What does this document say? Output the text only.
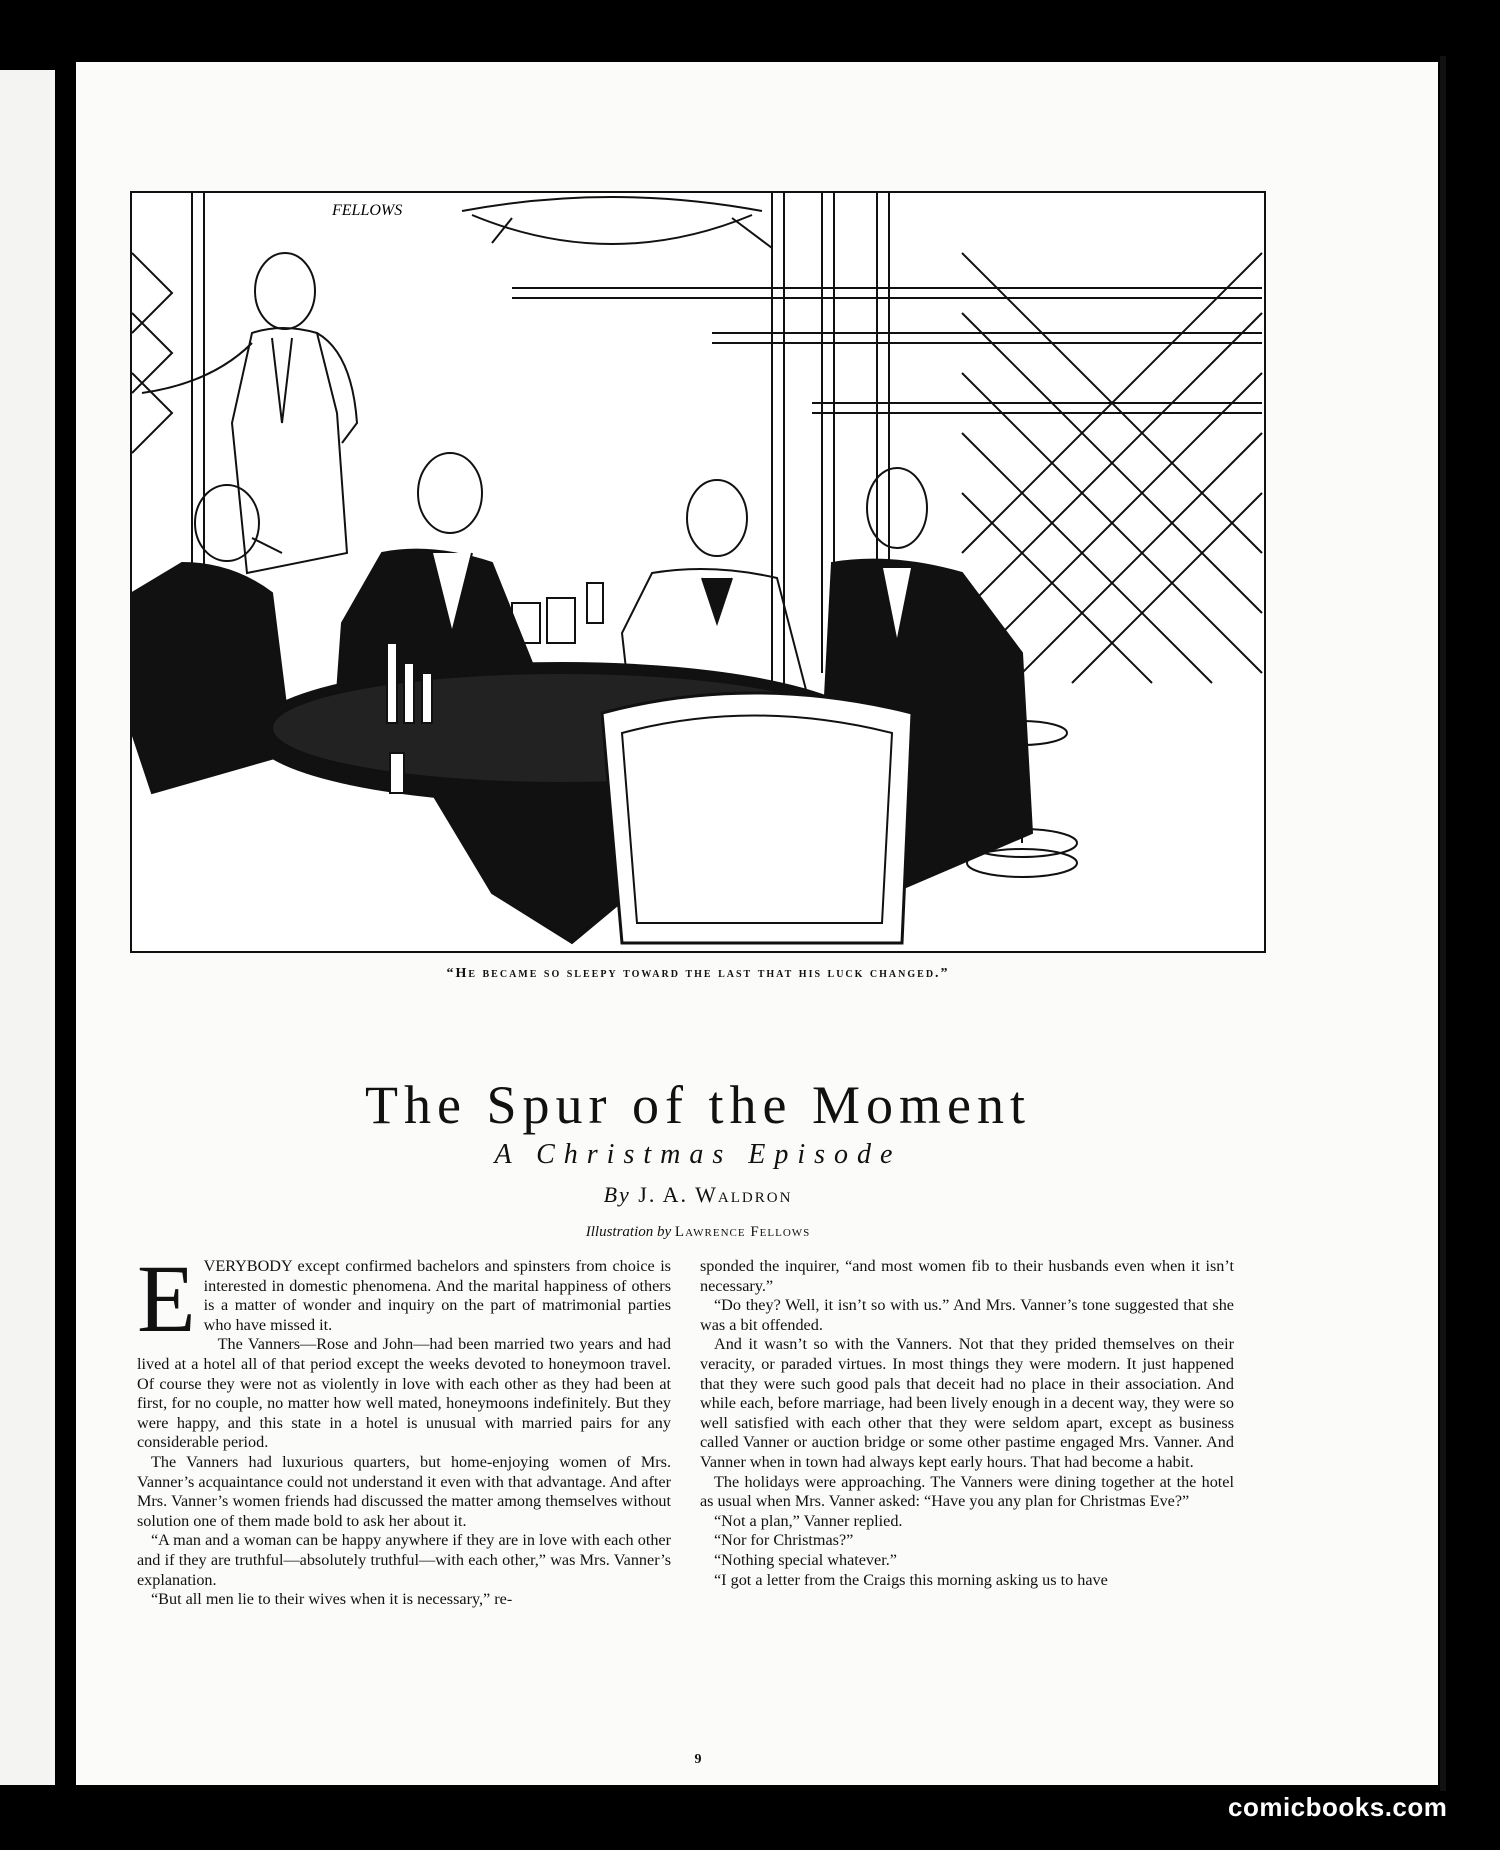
FELLOWS
“He became so sleepy toward the last that his luck changed.”
The Spur of the Moment
A Christmas Episode
By J. A. Waldron
Illustration by Lawrence Fellows

EVERYBODY except confirmed bachelors and spinsters from choice is interested in domestic phenomena. And the marital happiness of others is a matter of wonder and inquiry on the part of matrimonial parties who have missed it.

The Vanners—Rose and John—had been married two years and had lived at a hotel all of that period except the weeks devoted to honeymoon travel. Of course they were not as violently in love with each other as they had been at first, for no couple, no matter how well mated, honeymoons indefinitely. But they were happy, and this state in a hotel is unusual with married pairs for any considerable period.

The Vanners had luxurious quarters, but home-enjoying women of Mrs. Vanner’s acquaintance could not understand it even with that advantage. And after Mrs. Vanner’s women friends had discussed the matter among themselves without solution one of them made bold to ask her about it.

“A man and a woman can be happy anywhere if they are in love with each other and if they are truthful—absolutely truthful—with each other,” was Mrs. Vanner’s explanation.

“But all men lie to their wives when it is necessary,” re-

sponded the inquirer, “and most women fib to their husbands even when it isn’t necessary.”

“Do they? Well, it isn’t so with us.” And Mrs. Vanner’s tone suggested that she was a bit offended.

And it wasn’t so with the Vanners. Not that they prided themselves on their veracity, or paraded virtues. In most things they were modern. It just happened that they were such good pals that deceit had no place in their association. And while each, before marriage, had been lively enough in a decent way, they were so well satisfied with each other that they were seldom apart, except as business called Vanner or auction bridge or some other pastime engaged Mrs. Vanner. And Vanner when in town had always kept early hours. That had become a habit.

The holidays were approaching. The Vanners were dining together at the hotel as usual when Mrs. Vanner asked: “Have you any plan for Christmas Eve?”

“Not a plan,” Vanner replied.

“Nor for Christmas?”

“Nothing special whatever.”

“I got a letter from the Craigs this morning asking us to have

9
comicbooks.com
